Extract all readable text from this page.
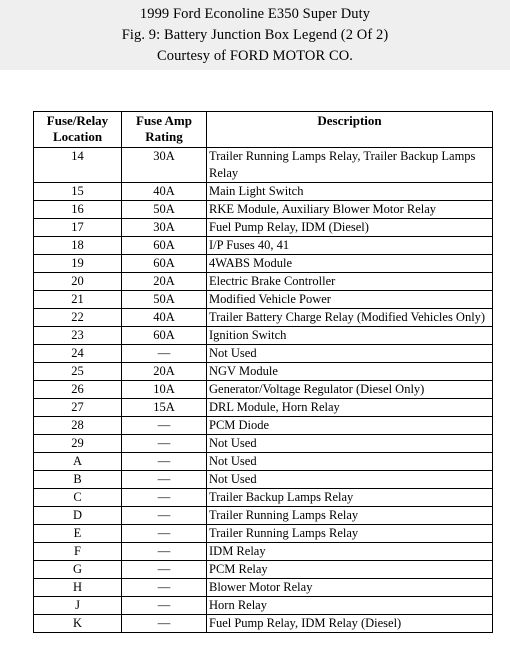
1999 Ford Econoline E350 Super Duty
Fig. 9: Battery Junction Box Legend (2 Of 2)
Courtesy of FORD MOTOR CO.
Fuse/Relay Location	Fuse Amp Rating	Description
14	30A	Trailer Running Lamps Relay, Trailer Backup Lamps Relay
15	40A	Main Light Switch
16	50A	RKE Module, Auxiliary Blower Motor Relay
17	30A	Fuel Pump Relay, IDM (Diesel)
18	60A	I/P Fuses 40, 41
19	60A	4WABS Module
20	20A	Electric Brake Controller
21	50A	Modified Vehicle Power
22	40A	Trailer Battery Charge Relay (Modified Vehicles Only)
23	60A	Ignition Switch
24	—	Not Used
25	20A	NGV Module
26	10A	Generator/Voltage Regulator (Diesel Only)
27	15A	DRL Module, Horn Relay
28	—	PCM Diode
29	—	Not Used
A	—	Not Used
B	—	Not Used
C	—	Trailer Backup Lamps Relay
D	—	Trailer Running Lamps Relay
E	—	Trailer Running Lamps Relay
F	—	IDM Relay
G	—	PCM Relay
H	—	Blower Motor Relay
J	—	Horn Relay
K	—	Fuel Pump Relay, IDM Relay (Diesel)
